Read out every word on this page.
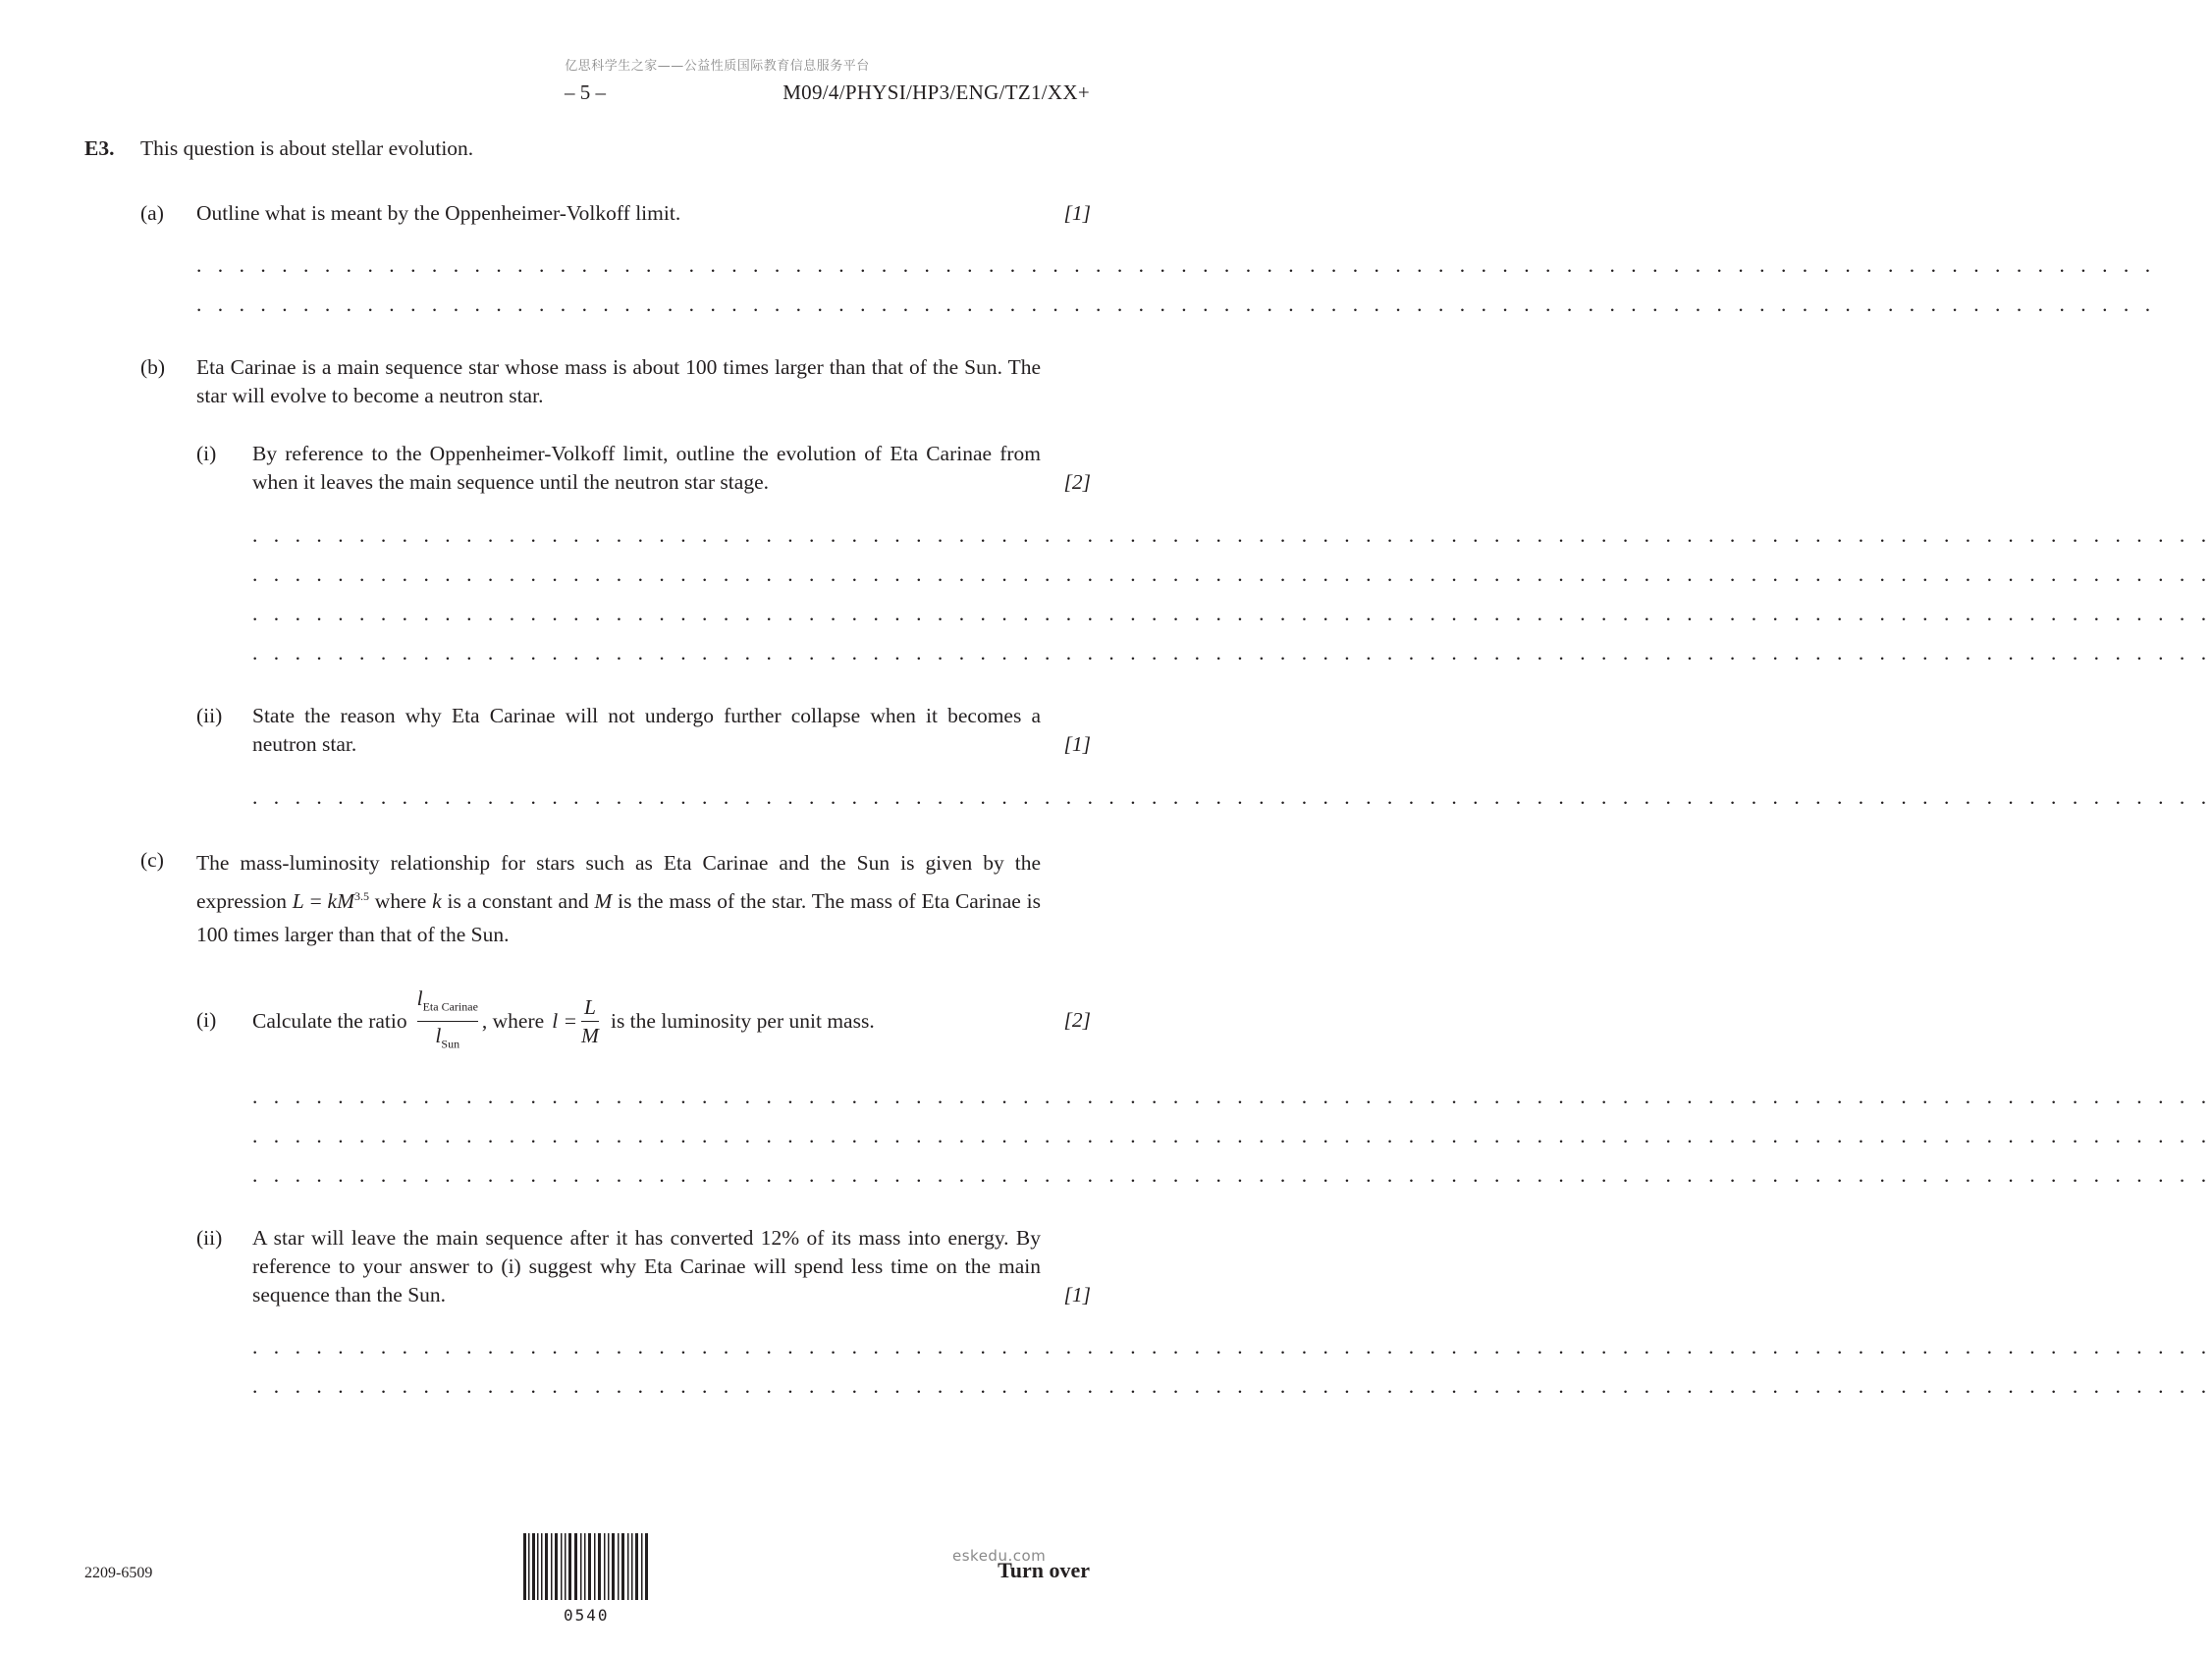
亿思科学生之家——公益性质国际教育信息服务平台
– 5 –	M09/4/PHYSI/HP3/ENG/TZ1/XX+
E3. This question is about stellar evolution.
(a) Outline what is meant by the Oppenheimer-Volkoff limit.	[1]
. . . . . . . . . . . . . . . . . . . . . . . . . . . . . . . . . . . . . . . . . . . . . . . . . . . . . . . . . . . . . . . . . . . . . . . . . . . . . . . . . . . . . . . . . . . .
. . . . . . . . . . . . . . . . . . . . . . . . . . . . . . . . . . . . . . . . . . . . . . . . . . . . . . . . . . . . . . . . . . . . . . . . . . . . . . . . . . . . . . . . . . . .
(b) Eta Carinae is a main sequence star whose mass is about 100 times larger than that of the Sun. The star will evolve to become a neutron star.
(i) By reference to the Oppenheimer-Volkoff limit, outline the evolution of Eta Carinae from when it leaves the main sequence until the neutron star stage.	[2]
. . . . . . . . . . . . . . . . . . . . . . . . . . . . . . . . . . . . . . . . . . . . . . . . . . . . . . . . . . . . . . . . . . . . . . . . . . . . . . . . . . . . . . . . . . . .
. . . . . . . . . . . . . . . . . . . . . . . . . . . . . . . . . . . . . . . . . . . . . . . . . . . . . . . . . . . . . . . . . . . . . . . . . . . . . . . . . . . . . . . . . . . .
. . . . . . . . . . . . . . . . . . . . . . . . . . . . . . . . . . . . . . . . . . . . . . . . . . . . . . . . . . . . . . . . . . . . . . . . . . . . . . . . . . . . . . . . . . . .
. . . . . . . . . . . . . . . . . . . . . . . . . . . . . . . . . . . . . . . . . . . . . . . . . . . . . . . . . . . . . . . . . . . . . . . . . . . . . . . . . . . . . . . . . . . .
(ii) State the reason why Eta Carinae will not undergo further collapse when it becomes a neutron star.	[1]
. . . . . . . . . . . . . . . . . . . . . . . . . . . . . . . . . . . . . . . . . . . . . . . . . . . . . . . . . . . . . . . . . . . . . . . . . . . . . . . . . . . . . . . . . . . .
(c) The mass-luminosity relationship for stars such as Eta Carinae and the Sun is given by the expression $L = kM^{3.5}$ where k is a constant and M is the mass of the star. The mass of Eta Carinae is 100 times larger than that of the Sun.
(i) Calculate the ratio $\frac{l_{Eta Carinae}}{l_{Sun}}$ , where $l = \frac{L}{M}$ is the luminosity per unit mass.	[2]
. . . . . . . . . . . . . . . . . . . . . . . . . . . . . . . . . . . . . . . . . . . . . . . . . . . . . . . . . . . . . . . . . . . . . . . . . . . . . . . . . . . . . . . . . . . .
. . . . . . . . . . . . . . . . . . . . . . . . . . . . . . . . . . . . . . . . . . . . . . . . . . . . . . . . . . . . . . . . . . . . . . . . . . . . . . . . . . . . . . . . . . . .
. . . . . . . . . . . . . . . . . . . . . . . . . . . . . . . . . . . . . . . . . . . . . . . . . . . . . . . . . . . . . . . . . . . . . . . . . . . . . . . . . . . . . . . . . . . .
(ii) A star will leave the main sequence after it has converted 12% of its mass into energy. By reference to your answer to (i) suggest why Eta Carinae will spend less time on the main sequence than the Sun.	[1]
. . . . . . . . . . . . . . . . . . . . . . . . . . . . . . . . . . . . . . . . . . . . . . . . . . . . . . . . . . . . . . . . . . . . . . . . . . . . . . . . . . . . . . . . . . . .
. . . . . . . . . . . . . . . . . . . . . . . . . . . . . . . . . . . . . . . . . . . . . . . . . . . . . . . . . . . . . . . . . . . . . . . . . . . . . . . . . . . . . . . . . . . .
2209-6509
0540
eskedu.com
Turn over
